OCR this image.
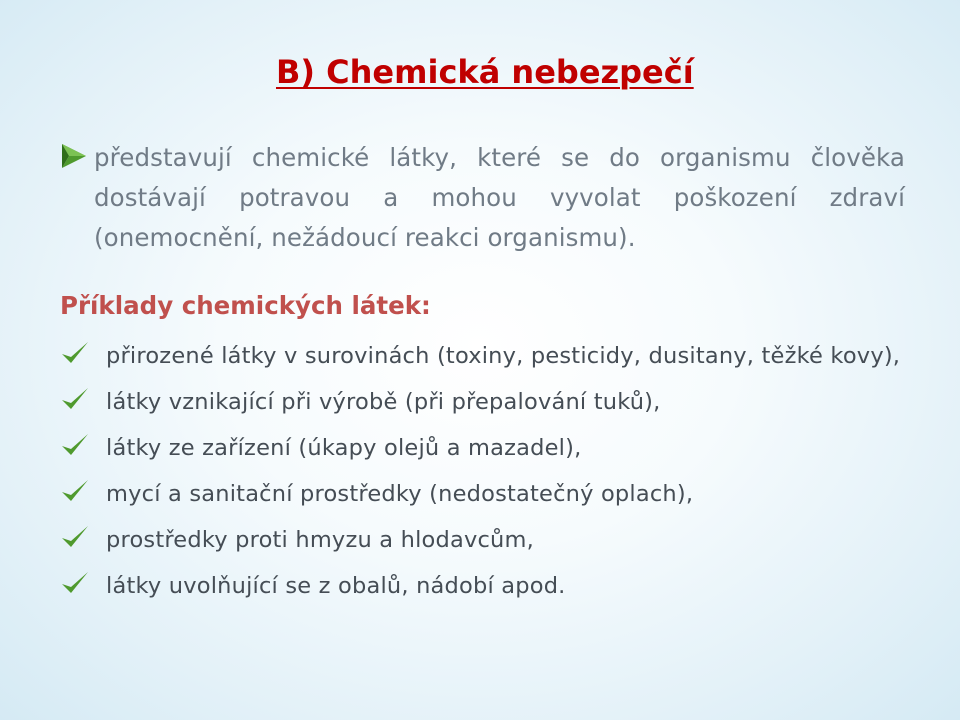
B) Chemická nebezpečí

představují chemické látky, které se do organismu člověka dostávají potravou a mohou vyvolat poškození zdraví (onemocnění, nežádoucí reakci organismu).

Příklady chemických látek:
přirozené látky v surovinách (toxiny, pesticidy, dusitany, těžké kovy),
látky vznikající při výrobě (při přepalování tuků),
látky ze zařízení (úkapy olejů a mazadel),
mycí a sanitační prostředky (nedostatečný oplach),
prostředky proti hmyzu a hlodavcům,
látky uvolňující se z obalů, nádobí apod.
